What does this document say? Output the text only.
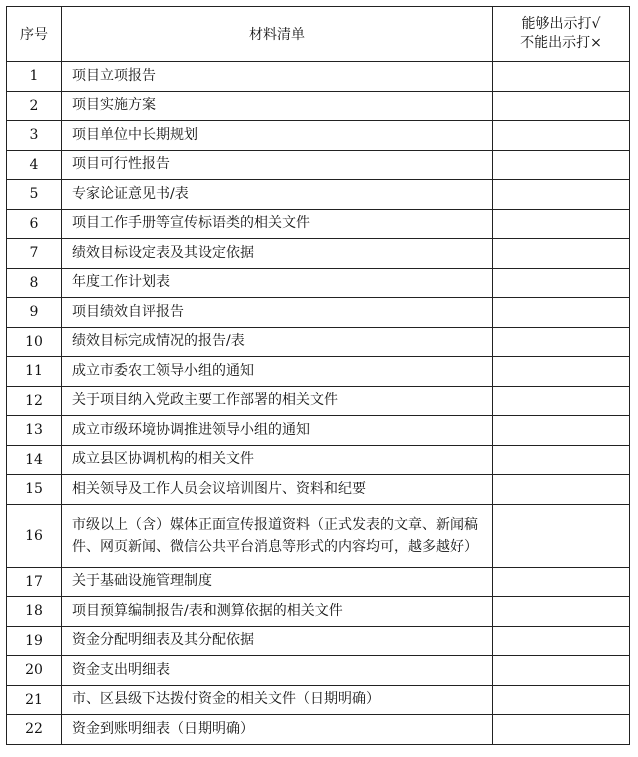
序号	材料清单	能够出示打√
不能出示打×

1	项目立项报告	
2	项目实施方案	
3	项目单位中长期规划	
4	项目可行性报告	
5	专家论证意见书/表	
6	项目工作手册等宣传标语类的相关文件	
7	绩效目标设定表及其设定依据	
8	年度工作计划表	
9	项目绩效自评报告	
10	绩效目标完成情况的报告/表	
11	成立市委农工领导小组的通知	
12	关于项目纳入党政主要工作部署的相关文件	
13	成立市级环境协调推进领导小组的通知	
14	成立县区协调机构的相关文件	
15	相关领导及工作人员会议培训图片、资料和纪要	
16	市级以上（含）媒体正面宣传报道资料（正式发表的文章、新闻稿件、网页新闻、微信公共平台消息等形式的内容均可，越多越好）	
17	关于基础设施管理制度	
18	项目预算编制报告/表和测算依据的相关文件	
19	资金分配明细表及其分配依据	
20	资金支出明细表	
21	市、区县级下达拨付资金的相关文件（日期明确）	
22	资金到账明细表（日期明确）	
